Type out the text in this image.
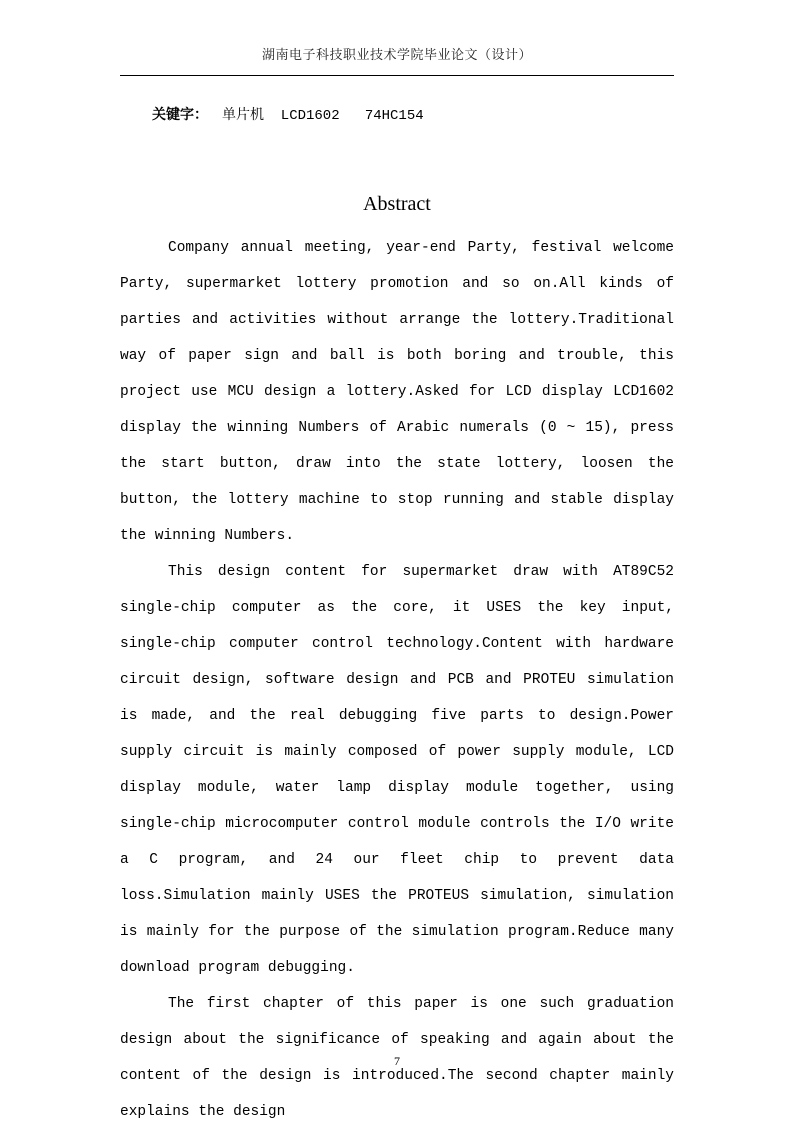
湖南电子科技职业技术学院毕业论文（设计）
关键字： 单片机  LCD1602   74HC154
Abstract

Company annual meeting, year-end Party, festival welcome Party, supermarket lottery promotion and so on.All kinds of parties and activities without arrange the lottery.Traditional way of paper sign and ball is both boring and trouble, this project use MCU design a lottery.Asked for LCD display LCD1602 display the winning Numbers of Arabic numerals (0 ~ 15), press the start button, draw into the state lottery, loosen the button, the lottery machine to stop running and stable display the winning Numbers.

This design content for supermarket draw with AT89C52 single-chip computer as the core, it USES the key input, single-chip computer control technology.Content with hardware circuit design, software design and PCB and PROTEU simulation is made, and the real debugging five parts to design.Power supply circuit is mainly composed of power supply module, LCD display module, water lamp display module together, using single-chip microcomputer control module controls the I/O write a C program, and 24 our fleet chip to prevent data loss.Simulation mainly USES the PROTEUS simulation, simulation is mainly for the purpose of the simulation program.Reduce many download program debugging.

The first chapter of this paper is one such graduation design about the significance of speaking and again about the content of the design is introduced.The second chapter mainly explains the design

7
